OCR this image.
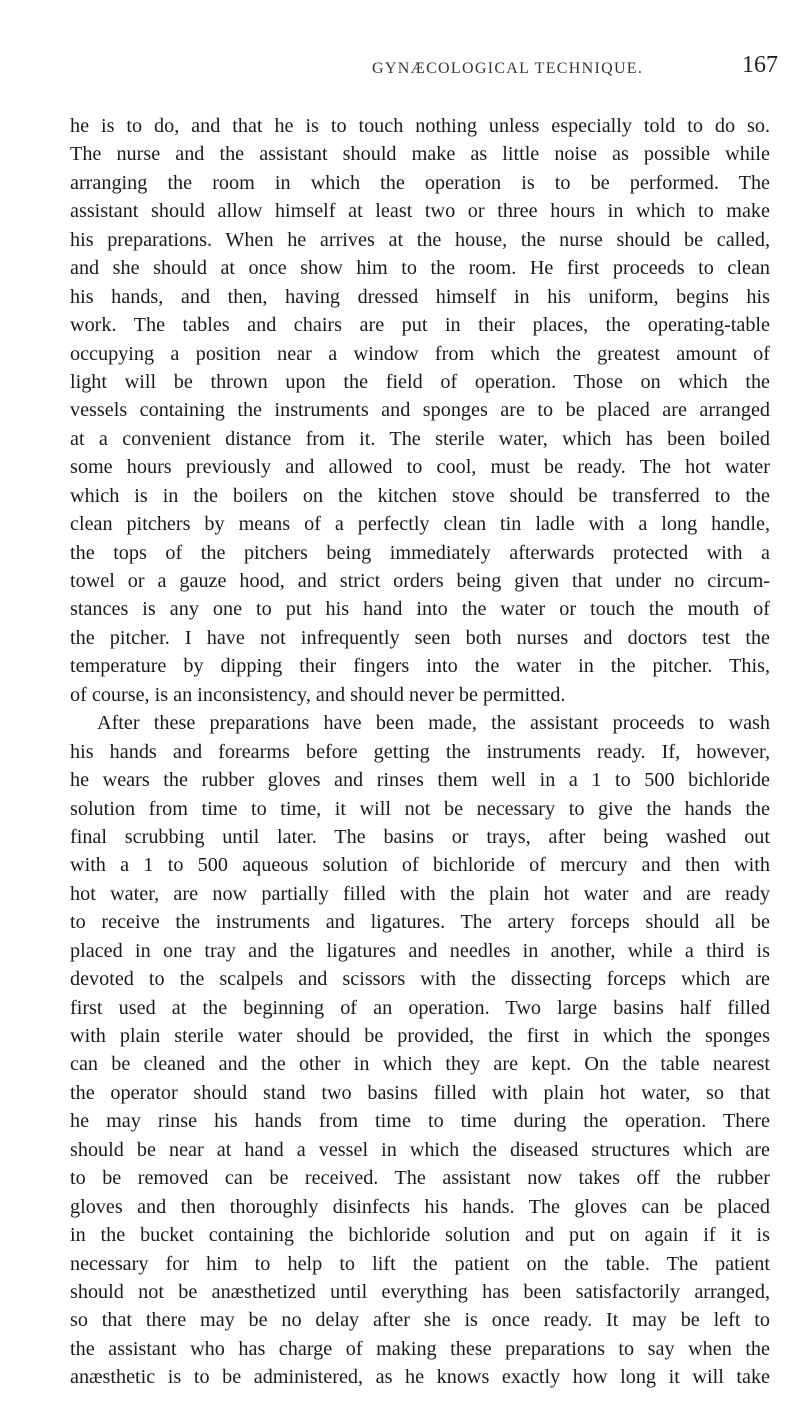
GYNÆCOLOGICAL TECHNIQUE.	167
he is to do, and that he is to touch nothing unless especially told to do so.
The nurse and the assistant should make as little noise as possible while
arranging the room in which the operation is to be performed. The
assistant should allow himself at least two or three hours in which to make
his preparations. When he arrives at the house, the nurse should be called,
and she should at once show him to the room. He first proceeds to clean
his hands, and then, having dressed himself in his uniform, begins his
work. The tables and chairs are put in their places, the operating-table
occupying a position near a window from which the greatest amount of
light will be thrown upon the field of operation. Those on which the
vessels containing the instruments and sponges are to be placed are arranged
at a convenient distance from it. The sterile water, which has been boiled
some hours previously and allowed to cool, must be ready. The hot water
which is in the boilers on the kitchen stove should be transferred to the
clean pitchers by means of a perfectly clean tin ladle with a long handle,
the tops of the pitchers being immediately afterwards protected with a
towel or a gauze hood, and strict orders being given that under no circum-
stances is any one to put his hand into the water or touch the mouth of
the pitcher. I have not infrequently seen both nurses and doctors test the
temperature by dipping their fingers into the water in the pitcher. This,
of course, is an inconsistency, and should never be permitted.
After these preparations have been made, the assistant proceeds to wash
his hands and forearms before getting the instruments ready. If, however,
he wears the rubber gloves and rinses them well in a 1 to 500 bichloride
solution from time to time, it will not be necessary to give the hands the
final scrubbing until later. The basins or trays, after being washed out
with a 1 to 500 aqueous solution of bichloride of mercury and then with
hot water, are now partially filled with the plain hot water and are ready
to receive the instruments and ligatures. The artery forceps should all be
placed in one tray and the ligatures and needles in another, while a third is
devoted to the scalpels and scissors with the dissecting forceps which are
first used at the beginning of an operation. Two large basins half filled
with plain sterile water should be provided, the first in which the sponges
can be cleaned and the other in which they are kept. On the table nearest
the operator should stand two basins filled with plain hot water, so that
he may rinse his hands from time to time during the operation. There
should be near at hand a vessel in which the diseased structures which are
to be removed can be received. The assistant now takes off the rubber
gloves and then thoroughly disinfects his hands. The gloves can be placed
in the bucket containing the bichloride solution and put on again if it is
necessary for him to help to lift the patient on the table. The patient
should not be anæsthetized until everything has been satisfactorily arranged,
so that there may be no delay after she is once ready. It may be left to
the assistant who has charge of making these preparations to say when the
anæsthetic is to be administered, as he knows exactly how long it will take
